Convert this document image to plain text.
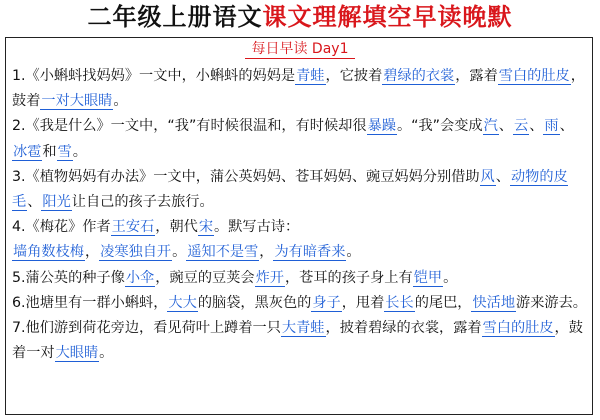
二年级上册语文课文理解填空早读晚默
每日早读 Day1

1.《小蝌蚪找妈妈》一文中，小蝌蚪的妈妈是青蛙，它披着碧绿的衣裳，露着雪白的肚皮，鼓着一对大眼睛。

2.《我是什么》一文中，“我”有时候很温和，有时候却很暴躁。“我”会变成汽、云、雨、冰雹和雪。

3.《植物妈妈有办法》一文中，蒲公英妈妈、苍耳妈妈、豌豆妈妈分别借助风、动物的皮毛、阳光让自己的孩子去旅行。

4.《梅花》作者王安石，朝代宋。默写古诗：
墙角数枝梅，凌寒独自开。遥知不是雪，为有暗香来。

5.蒲公英的种子像小伞，豌豆的豆荚会炸开，苍耳的孩子身上有铠甲。

6.池塘里有一群小蝌蚪，大大的脑袋，黑灰色的身子，甩着长长的尾巴，快活地游来游去。

7.他们游到荷花旁边，看见荷叶上蹲着一只大青蛙，披着碧绿的衣裳，露着雪白的肚皮，鼓着一对大眼睛。
